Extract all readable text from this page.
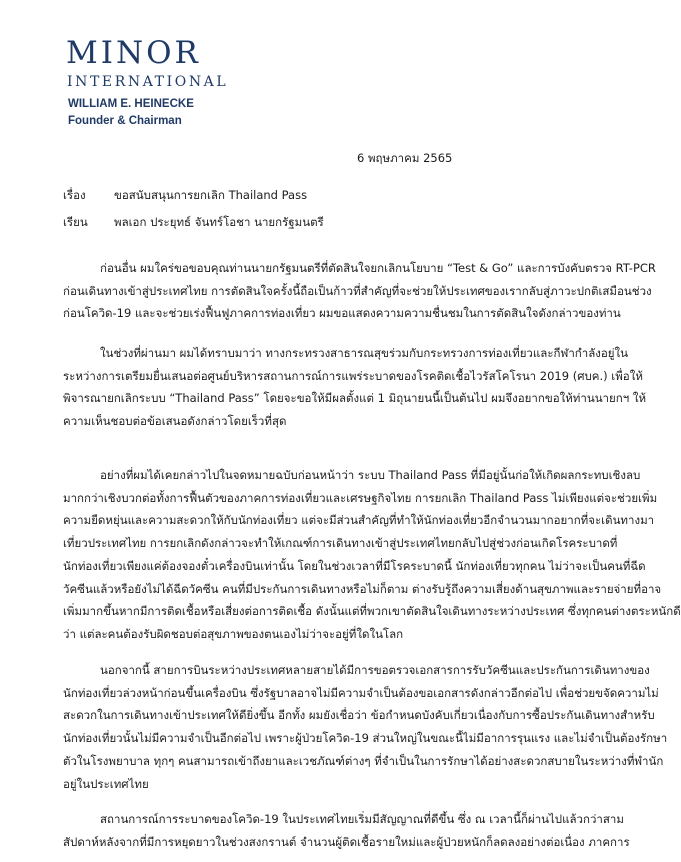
MINOR
INTERNATIONAL
WILLIAM E. HEINECKE
Founder & Chairman
6 พฤษภาคม 2565
เรื่อง ขอสนับสนุนการยกเลิก Thailand Pass
เรียน พลเอก ประยุทธ์ จันทร์โอชา นายกรัฐมนตรี
ก่อนอื่น ผมใคร่ขอขอบคุณท่านนายกรัฐมนตรีที่ตัดสินใจยกเลิกนโยบาย “Test & Go” และการบังคับตรวจ RT-PCR
ก่อนเดินทางเข้าสู่ประเทศไทย การตัดสินใจครั้งนี้ถือเป็นก้าวที่สำคัญที่จะช่วยให้ประเทศของเรากลับสู่ภาวะปกติเสมือนช่วง
ก่อนโควิด-19 และจะช่วยเร่งฟื้นฟูภาคการท่องเที่ยว ผมขอแสดงความความชื่นชมในการตัดสินใจดังกล่าวของท่าน
ในช่วงที่ผ่านมา ผมได้ทราบมาว่า ทางกระทรวงสาธารณสุขร่วมกับกระทรวงการท่องเที่ยวและกีฬากำลังอยู่ใน
ระหว่างการเตรียมยื่นเสนอต่อศูนย์บริหารสถานการณ์การแพร่ระบาดของโรคติดเชื้อไวรัสโคโรนา 2019 (ศบค.) เพื่อให้
พิจารณายกเลิกระบบ “Thailand Pass” โดยจะขอให้มีผลตั้งแต่ 1 มิถุนายนนี้เป็นต้นไป ผมจึงอยากขอให้ท่านนายกฯ ให้
ความเห็นชอบต่อข้อเสนอดังกล่าวโดยเร็วที่สุด
อย่างที่ผมได้เคยกล่าวไปในจดหมายฉบับก่อนหน้าว่า ระบบ Thailand Pass ที่มีอยู่นั้นก่อให้เกิดผลกระทบเชิงลบ
มากกว่าเชิงบวกต่อทั้งการฟื้นตัวของภาคการท่องเที่ยวและเศรษฐกิจไทย การยกเลิก Thailand Pass ไม่เพียงแต่จะช่วยเพิ่ม
ความยืดหยุ่นและความสะดวกให้กับนักท่องเที่ยว แต่จะมีส่วนสำคัญที่ทำให้นักท่องเที่ยวอีกจำนวนมากอยากที่จะเดินทางมา
เที่ยวประเทศไทย การยกเลิกดังกล่าวจะทำให้เกณฑ์การเดินทางเข้าสู่ประเทศไทยกลับไปสู่ช่วงก่อนเกิดโรคระบาดที่
นักท่องเที่ยวเพียงแค่ต้องจองตั๋วเครื่องบินเท่านั้น โดยในช่วงเวลาที่มีโรคระบาดนี้ นักท่องเที่ยวทุกคน ไม่ว่าจะเป็นคนที่ฉีด
วัคซีนแล้วหรือยังไม่ได้ฉีดวัคซีน คนที่มีประกันการเดินทางหรือไม่ก็ตาม ต่างรับรู้ถึงความเสี่ยงด้านสุขภาพและรายจ่ายที่อาจ
เพิ่มมากขึ้นหากมีการติดเชื้อหรือเสี่ยงต่อการติดเชื้อ ดังนั้นแต่ที่พวกเขาตัดสินใจเดินทางระหว่างประเทศ ซึ่งทุกคนต่างตระหนักดี
ว่า แต่ละคนต้องรับผิดชอบต่อสุขภาพของตนเองไม่ว่าจะอยู่ที่ใดในโลก
นอกจากนี้ สายการบินระหว่างประเทศหลายสายได้มีการขอตรวจเอกสารการรับวัคซีนและประกันการเดินทางของ
นักท่องเที่ยวล่วงหน้าก่อนขึ้นเครื่องบิน ซึ่งรัฐบาลอาจไม่มีความจำเป็นต้องขอเอกสารดังกล่าวอีกต่อไป เพื่อช่วยขจัดความไม่
สะดวกในการเดินทางเข้าประเทศให้ดียิ่งขึ้น อีกทั้ง ผมยังเชื่อว่า ข้อกำหนดบังคับเกี่ยวเนื่องกับการซื้อประกันเดินทางสำหรับ
นักท่องเที่ยวนั้นไม่มีความจำเป็นอีกต่อไป เพราะผู้ป่วยโควิด-19 ส่วนใหญ่ในขณะนี้ไม่มีอาการรุนแรง และไม่จำเป็นต้องรักษา
ตัวในโรงพยาบาล ทุกๆ คนสามารถเข้าถึงยาและเวชภัณฑ์ต่างๆ ที่จำเป็นในการรักษาได้อย่างสะดวกสบายในระหว่างที่พำนัก
อยู่ในประเทศไทย
สถานการณ์การระบาดของโควิด-19 ในประเทศไทยเริ่มมีสัญญาณที่ดีขึ้น ซึ่ง ณ เวลานี้ก็ผ่านไปแล้วกว่าสาม
สัปดาห์หลังจากที่มีการหยุดยาวในช่วงสงกรานต์ จำนวนผู้ติดเชื้อรายใหม่และผู้ป่วยหนักก็ลดลงอย่างต่อเนื่อง ภาคการ
